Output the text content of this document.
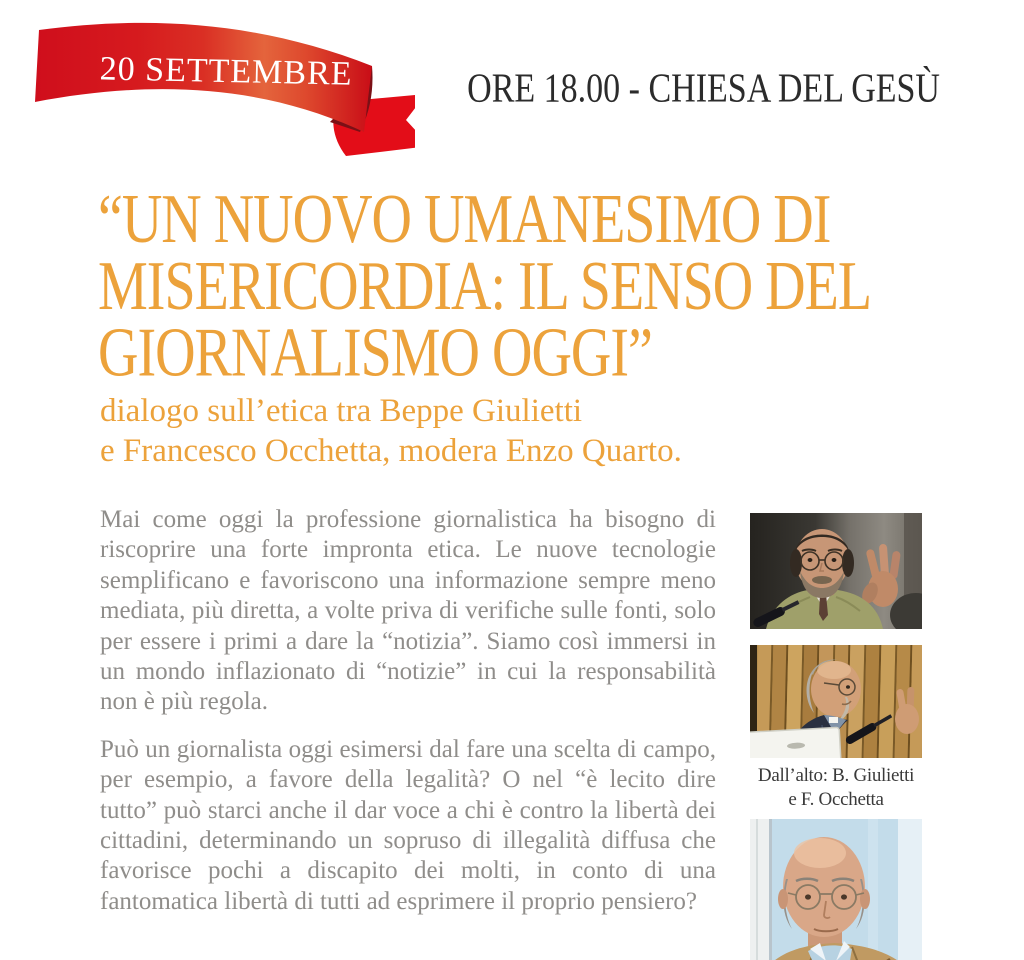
20 SETTEMBRE	ORE 18.00 - CHIESA DEL GESÙ
“UN NUOVO UMANESIMO DI
MISERICORDIA: IL SENSO DEL
GIORNALISMO OGGI”
dialogo sull’etica tra Beppe Giulietti
e Francesco Occhetta, modera Enzo Quarto.

Mai come oggi la professione giornalistica ha bisogno di riscoprire una forte impronta etica. Le nuove tecnologie semplificano e favoriscono una informazione sempre meno mediata, più diretta, a volte priva di verifiche sulle fonti, solo per essere i primi a dare la “notizia”. Siamo così immersi in un mondo inflazionato di “notizie” in cui la responsabilità non è più regola.

Può un giornalista oggi esimersi dal fare una scelta di campo, per esempio, a favore della legalità? O nel “è lecito dire tutto” può starci anche il dar voce a chi è contro la libertà dei cittadini, determinando un sopruso di illegalità diffusa che favorisce pochi a discapito dei molti, in conto di una fantomatica libertà di tutti ad esprimere il proprio pensiero?

Dall’alto: B. Giulietti
e F. Occhetta
